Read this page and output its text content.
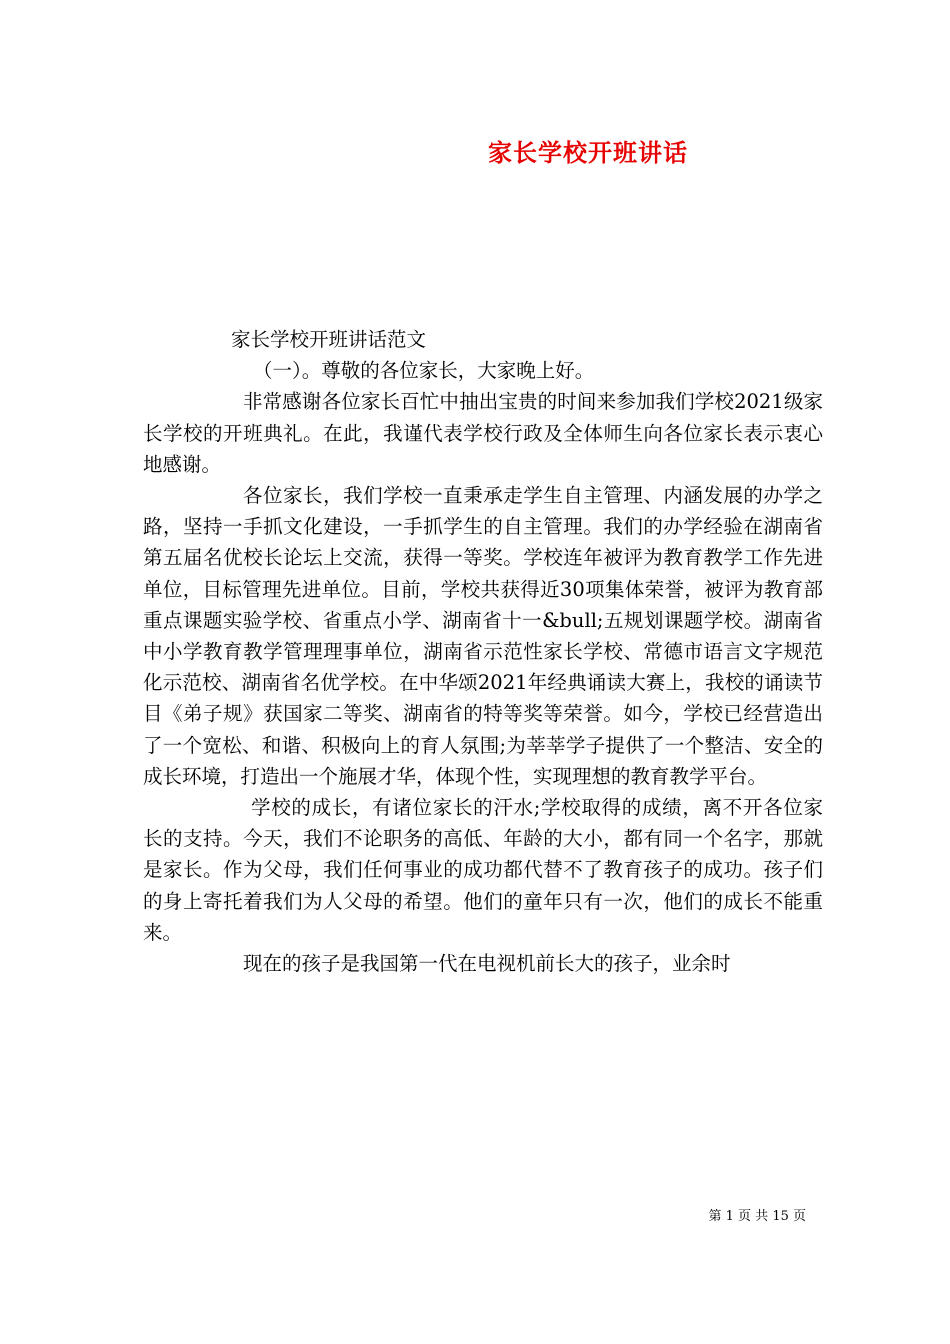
家长学校开班讲话

家长学校开班讲话范文

（一）。尊敬的各位家长，大家晚上好。

非常感谢各位家长百忙中抽出宝贵的时间来参加我们学校2021级家长学校的开班典礼。在此，我谨代表学校行政及全体师生向各位家长表示衷心地感谢。

各位家长，我们学校一直秉承走学生自主管理、内涵发展的办学之路，坚持一手抓文化建设，一手抓学生的自主管理。我们的办学经验在湖南省第五届名优校长论坛上交流，获得一等奖。学校连年被评为教育教学工作先进单位，目标管理先进单位。目前，学校共获得近30项集体荣誉，被评为教育部重点课题实验学校、省重点小学、湖南省十一&bull;五规划课题学校。湖南省中小学教育教学管理理事单位，湖南省示范性家长学校、常德市语言文字规范化示范校、湖南省名优学校。在中华颂2021年经典诵读大赛上，我校的诵读节目《弟子规》获国家二等奖、湖南省的特等奖等荣誉。如今，学校已经营造出了一个宽松、和谐、积极向上的育人氛围;为莘莘学子提供了一个整洁、安全的成长环境，打造出一个施展才华，体现个性，实现理想的教育教学平台。

学校的成长，有诸位家长的汗水;学校取得的成绩，离不开各位家长的支持。今天，我们不论职务的高低、年龄的大小，都有同一个名字，那就是家长。作为父母，我们任何事业的成功都代替不了教育孩子的成功。孩子们的身上寄托着我们为人父母的希望。他们的童年只有一次，他们的成长不能重来。

现在的孩子是我国第一代在电视机前长大的孩子，业余时

第 1 页 共 15 页
